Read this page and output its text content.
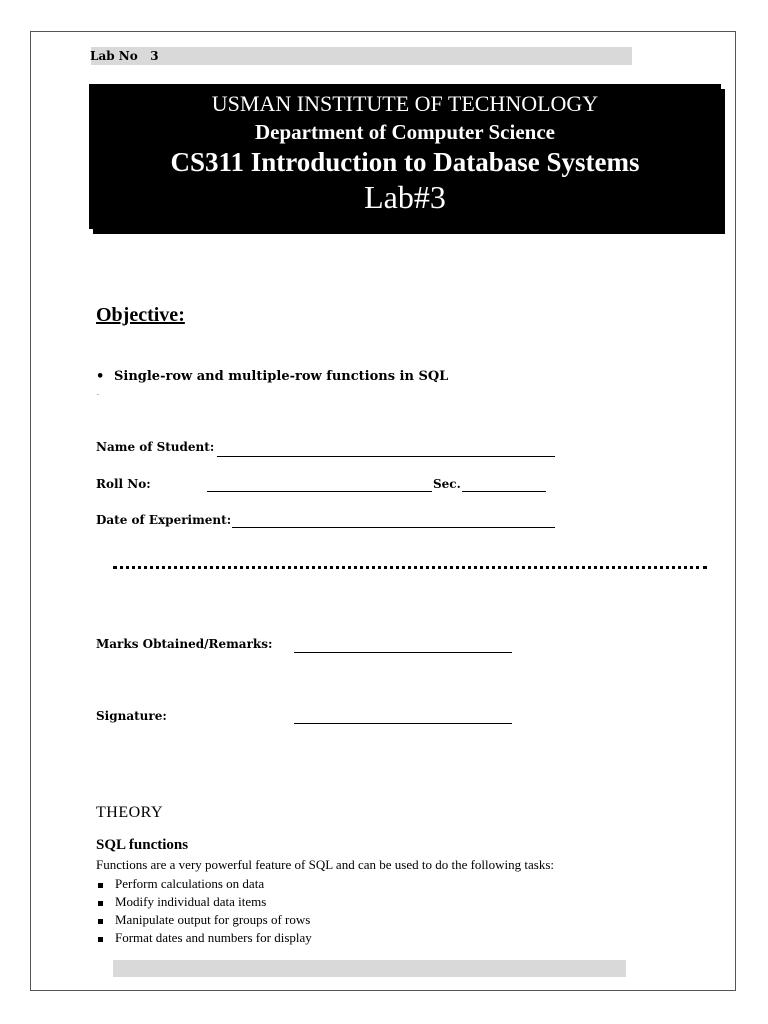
Lab No   3
USMAN INSTITUTE OF TECHNOLOGY
Department of Computer Science
CS311 Introduction to Database Systems
Lab#3
Objective:
• Single-row and multiple-row functions in SQL
.
Name of Student:
Roll No:	Sec.
Date of Experiment:
Marks Obtained/Remarks:
Signature:
THEORY
SQL functions
Functions are a very powerful feature of SQL and can be used to do the following tasks:
Perform calculations on data
Modify individual data items
Manipulate output for groups of rows
Format dates and numbers for display
